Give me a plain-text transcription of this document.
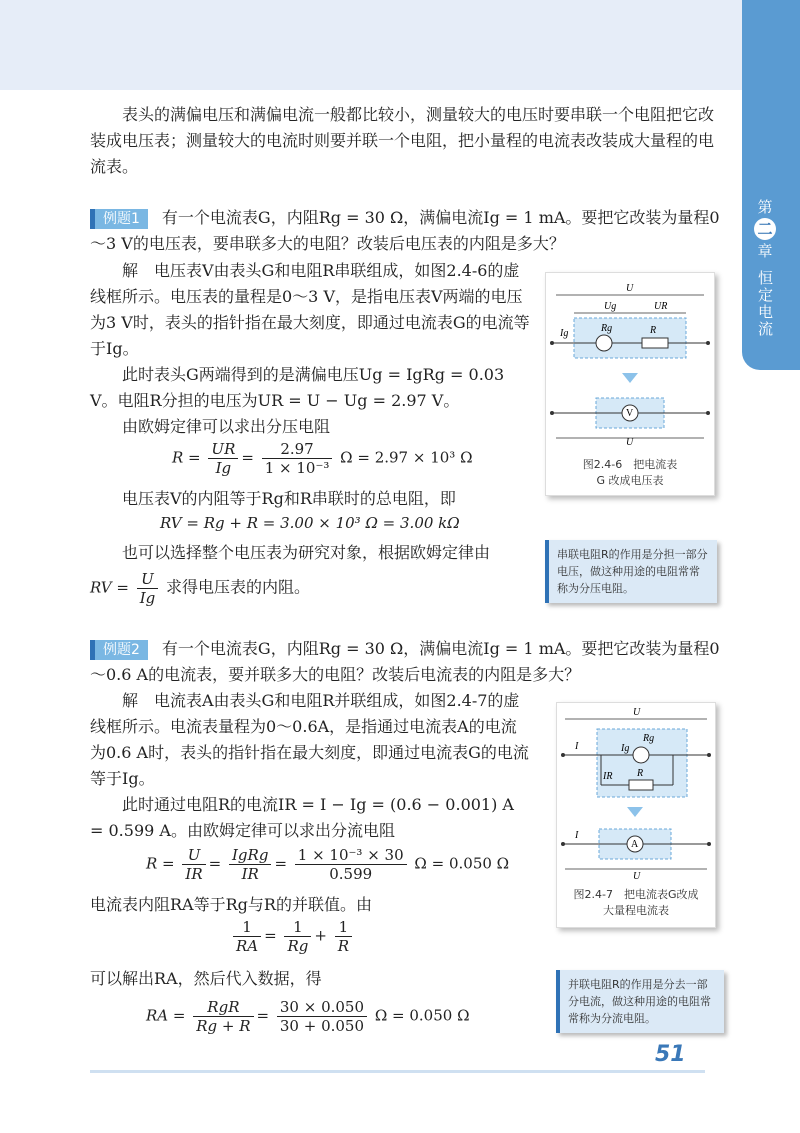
第
二
章
恒定电流

表头的满偏电压和满偏电流一般都比较小，测量较大的电压时要串联一个电阻把它改装成电压表；测量较大的电流时则要并联一个电阻，把小量程的电流表改装成大量程的电流表。

例题1 有一个电流表G，内阻Rg = 30 Ω，满偏电流Ig = 1 mA。要把它改装为量程0～3 V的电压表，要串联多大的电阻？改装后电压表的内阻是多大？

解　电压表V由表头G和电阻R串联组成，如图2.4-6的虚线框所示。电压表的量程是0～3 V，是指电压表V两端的电压为3 V时，表头的指针指在最大刻度，即通过电流表G的电流等于Ig。

此时表头G两端得到的是满偏电压Ug = IgRg = 0.03 V。电阻R分担的电压为UR = U − Ug = 2.97 V。

由欧姆定律可以求出分压电阻

$R = \frac{UR}{Ig} = \frac{2.97}{\text{1 × 10⁻³}}$ Ω = 2.97 × 10³ Ω

电压表V的内阻等于Rg和R串联时的总电阻，即

RV = Rg + R = 3.00 × 10³ Ω = 3.00 kΩ

也可以选择整个电压表为研究对象，根据欧姆定律由

RV = $\frac{U}{Ig}$ 求得电压表的内阻。
U
Ug	UR
Ig	Rg	R
V
U
图2.4-6　把电流表
G 改成电压表
串联电阻R的作用是分担一部分电压，做这种用途的电阻常常称为分压电阻。

例题2 有一个电流表G，内阻Rg = 30 Ω，满偏电流Ig = 1 mA。要把它改装为量程0～0.6 A的电流表，要并联多大的电阻？改装后电流表的内阻是多大？

解　电流表A由表头G和电阻R并联组成，如图2.4-7的虚线框所示。电流表量程为0～0.6A，是指通过电流表A的电流为0.6 A时，表头的指针指在最大刻度，即通过电流表G的电流等于Ig。

此时通过电阻R的电流IR = I − Ig = (0.6 − 0.001) A = 0.599 A。由欧姆定律可以求出分流电阻

$R = \frac{U}{IR} = \frac{\text{IgRg}}{IR} = \frac{\text{1 × 10⁻³ × 30}}{0.599}$ Ω = 0.050 Ω

电流表内阻RA等于Rg与R的并联值。由

$\frac{1}{RA} = \frac{1}{Rg} + \frac{1}{R}$

可以解出RA，然后代入数据，得

RA = $\frac{\text{RgR}}{Rg + R} = \frac{30 \times 0.050}{30 + 0.050}$ Ω = 0.050 Ω
U
I	Ig
Rg
R
IR
I
A
U
图2.4-7　把电流表G改成
大量程电流表
并联电阻R的作用是分去一部分电流，做这种用途的电阻常常称为分流电阻。
51
